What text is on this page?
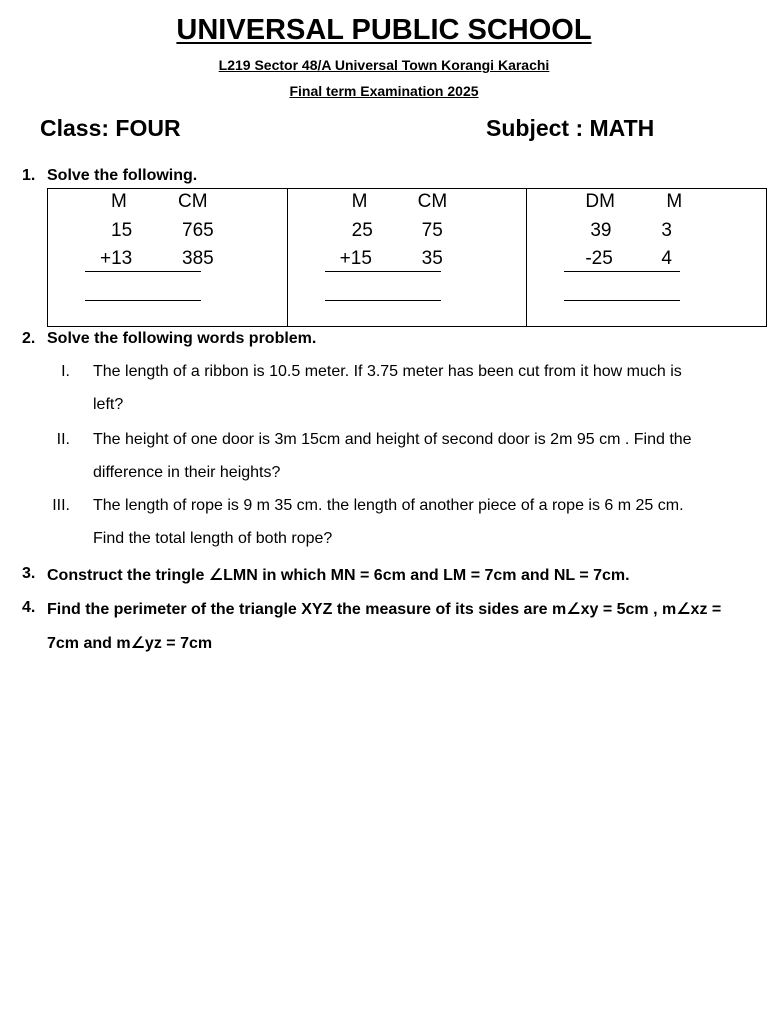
UNIVERSAL PUBLIC SCHOOL
L219 Sector 48/A Universal Town Korangi Karachi
Final term Examination 2025
Class: FOUR	Subject : MATH
1. Solve the following.
M	CM
15	765
+13	385
M	CM
25	75
+15	35
DM	M
39	3
-25	4
2. Solve the following words problem.
I. The length of a ribbon is 10.5 meter. If 3.75 meter has been cut from it how much is
left?
II. The height of one door is 3m 15cm and height of second door is 2m 95 cm . Find the
difference in their heights?
III. The length of rope is 9 m 35 cm. the length of another piece of a rope is 6 m 25 cm.
Find the total length of both rope?
3. Construct the tringle ∠LMN in which MN = 6cm and LM = 7cm and NL = 7cm.
4. Find the perimeter of the triangle XYZ the measure of its sides are m∠xy = 5cm , m∠xz =
7cm and m∠yz = 7cm
